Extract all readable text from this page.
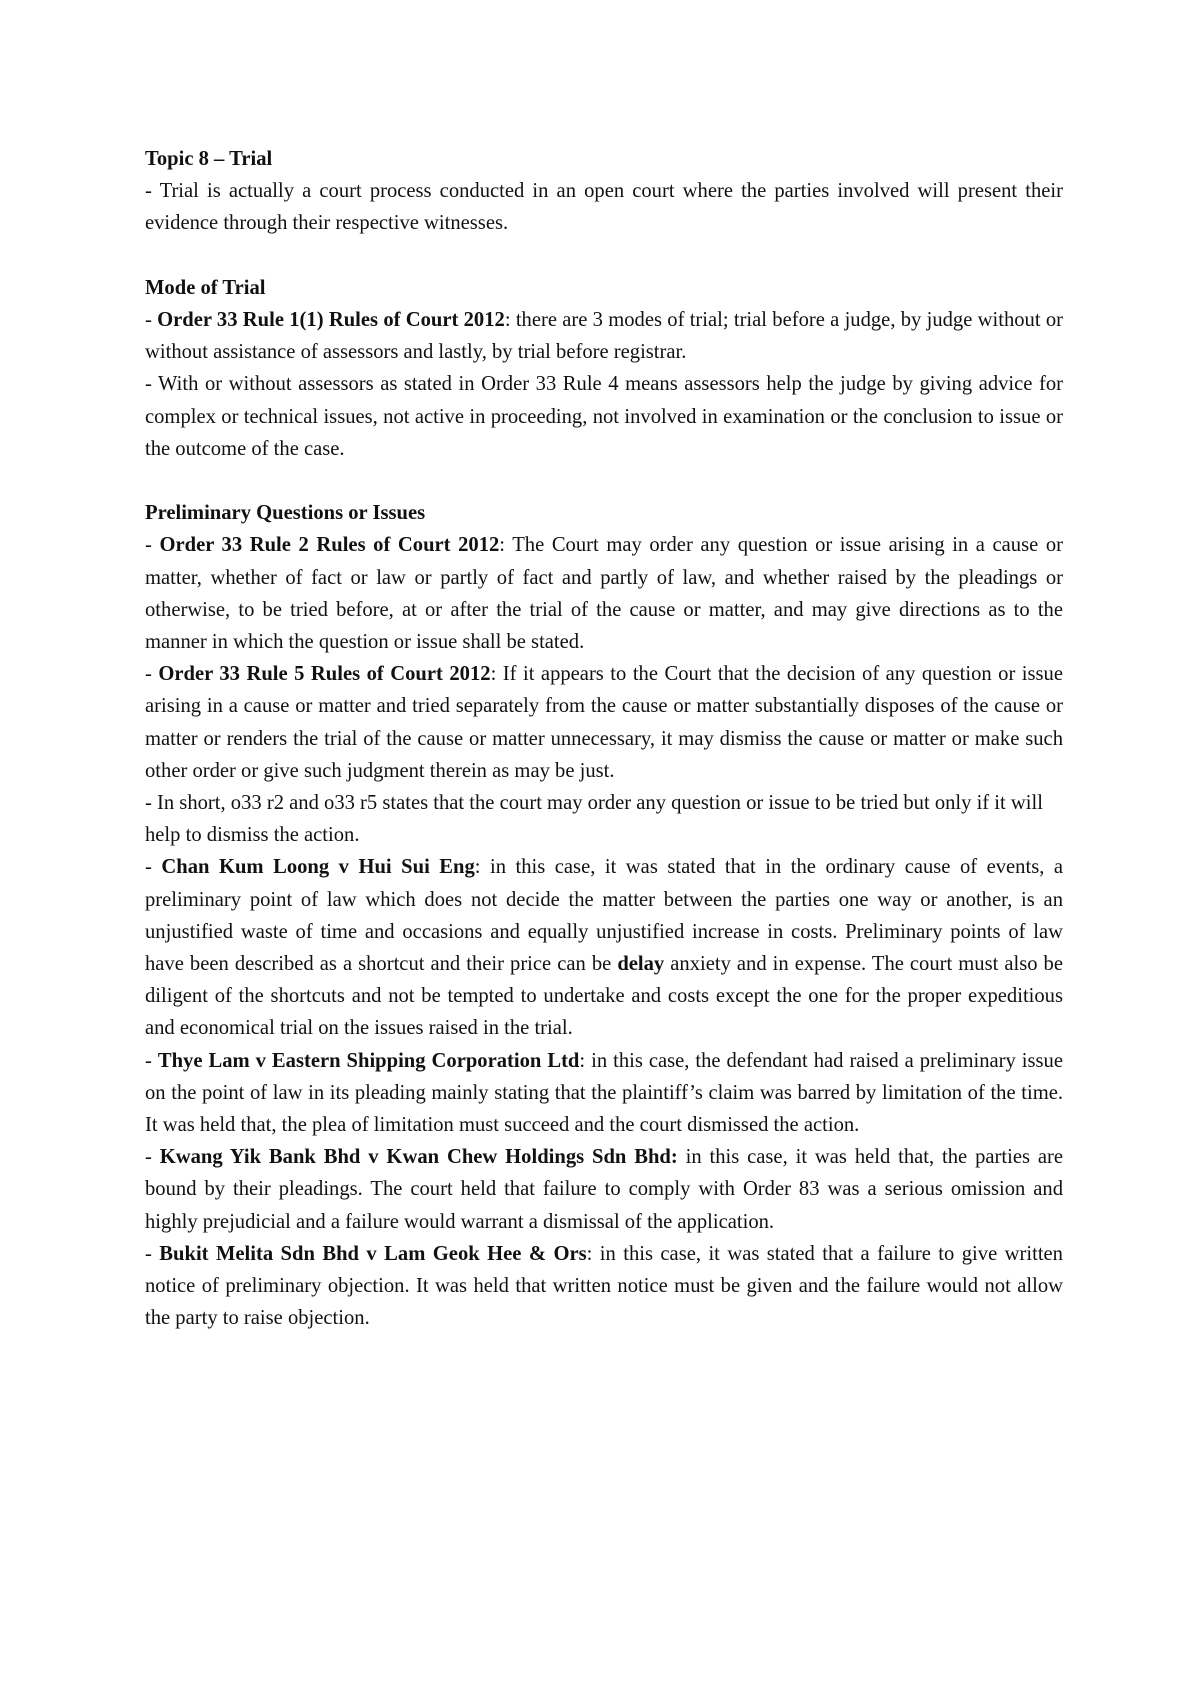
Topic 8 – Trial

- Trial is actually a court process conducted in an open court where the parties involved will present their evidence through their respective witnesses.

Mode of Trial

- Order 33 Rule 1(1) Rules of Court 2012: there are 3 modes of trial; trial before a judge, by judge without or without assistance of assessors and lastly, by trial before registrar.

- With or without assessors as stated in Order 33 Rule 4 means assessors help the judge by giving advice for complex or technical issues, not active in proceeding, not involved in examination or the conclusion to issue or the outcome of the case.

Preliminary Questions or Issues

- Order 33 Rule 2 Rules of Court 2012: The Court may order any question or issue arising in a cause or matter, whether of fact or law or partly of fact and partly of law, and whether raised by the pleadings or otherwise, to be tried before, at or after the trial of the cause or matter, and may give directions as to the manner in which the question or issue shall be stated.

- Order 33 Rule 5 Rules of Court 2012: If it appears to the Court that the decision of any question or issue arising in a cause or matter and tried separately from the cause or matter substantially disposes of the cause or matter or renders the trial of the cause or matter unnecessary, it may dismiss the cause or matter or make such other order or give such judgment therein as may be just.

- In short, o33 r2 and o33 r5 states that the court may order any question or issue to be tried but only if it will help to dismiss the action.

- Chan Kum Loong v Hui Sui Eng: in this case, it was stated that in the ordinary cause of events, a preliminary point of law which does not decide the matter between the parties one way or another, is an unjustified waste of time and occasions and equally unjustified increase in costs. Preliminary points of law have been described as a shortcut and their price can be delay anxiety and in expense. The court must also be diligent of the shortcuts and not be tempted to undertake and costs except the one for the proper expeditious and economical trial on the issues raised in the trial.

- Thye Lam v Eastern Shipping Corporation Ltd: in this case, the defendant had raised a preliminary issue on the point of law in its pleading mainly stating that the plaintiff’s claim was barred by limitation of the time. It was held that, the plea of limitation must succeed and the court dismissed the action.

- Kwang Yik Bank Bhd v Kwan Chew Holdings Sdn Bhd: in this case, it was held that, the parties are bound by their pleadings. The court held that failure to comply with Order 83 was a serious omission and highly prejudicial and a failure would warrant a dismissal of the application.

- Bukit Melita Sdn Bhd v Lam Geok Hee & Ors: in this case, it was stated that a failure to give written notice of preliminary objection. It was held that written notice must be given and the failure would not allow the party to raise objection.
